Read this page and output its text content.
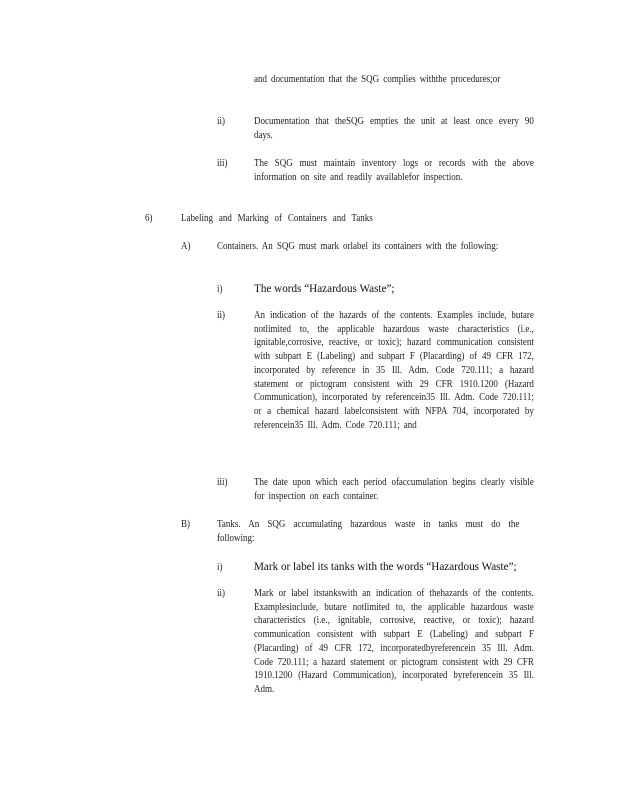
and documentation that the SQG complies withthe procedures;or

ii)	Documentation that theSQG empties the unit at least once every 90 days.

iii)	The SQG must maintain inventory logs or records with the above information on site and readily availablefor inspection.

6)	Labeling and Marking of Containers and Tanks

A)	Containers. An SQG must mark orlabel its containers with the following:

i)	The words “Hazardous Waste”;

ii)	An indication of the hazards of the contents. Examples include, butare notlimited to, the applicable hazardous waste characteristics (i.e., ignitable,corrosive, reactive, or toxic); hazard communication consistent with subpart E (Labeling) and subpart F (Placarding) of 49 CFR 172, incorporated by reference in 35 Ill. Adm. Code 720.111; a hazard statement or pictogram consistent with 29 CFR 1910.1200 (Hazard Communication), incorporated by referencein35 Ill. Adm. Code 720.111; or a chemical hazard labelconsistent with NFPA 704, incorporated by referencein35 Ill. Adm. Code 720.111; and

iii)	The date upon which each period ofaccumulation begins clearly visible for inspection on each container.

B)	Tanks. An SQG accumulating hazardous waste in tanks must do the following:

i)	Mark or label its tanks with the words “Hazardous Waste”;

ii)	Mark or label itstankswith an indication of thehazards of the contents. Examplesinclude, butare notlimited to, the applicable hazardous waste characteristics (i.e., ignitable, corrosive, reactive, or toxic); hazard communication consistent with subpart E (Labeling) and subpart F (Placarding) of 49 CFR 172, incorporatedbyreferencein 35 Ill. Adm. Code 720.111; a hazard statement or pictogram consistent with 29 CFR 1910.1200 (Hazard Communication), incorporated byreferencein 35 Ill. Adm.
